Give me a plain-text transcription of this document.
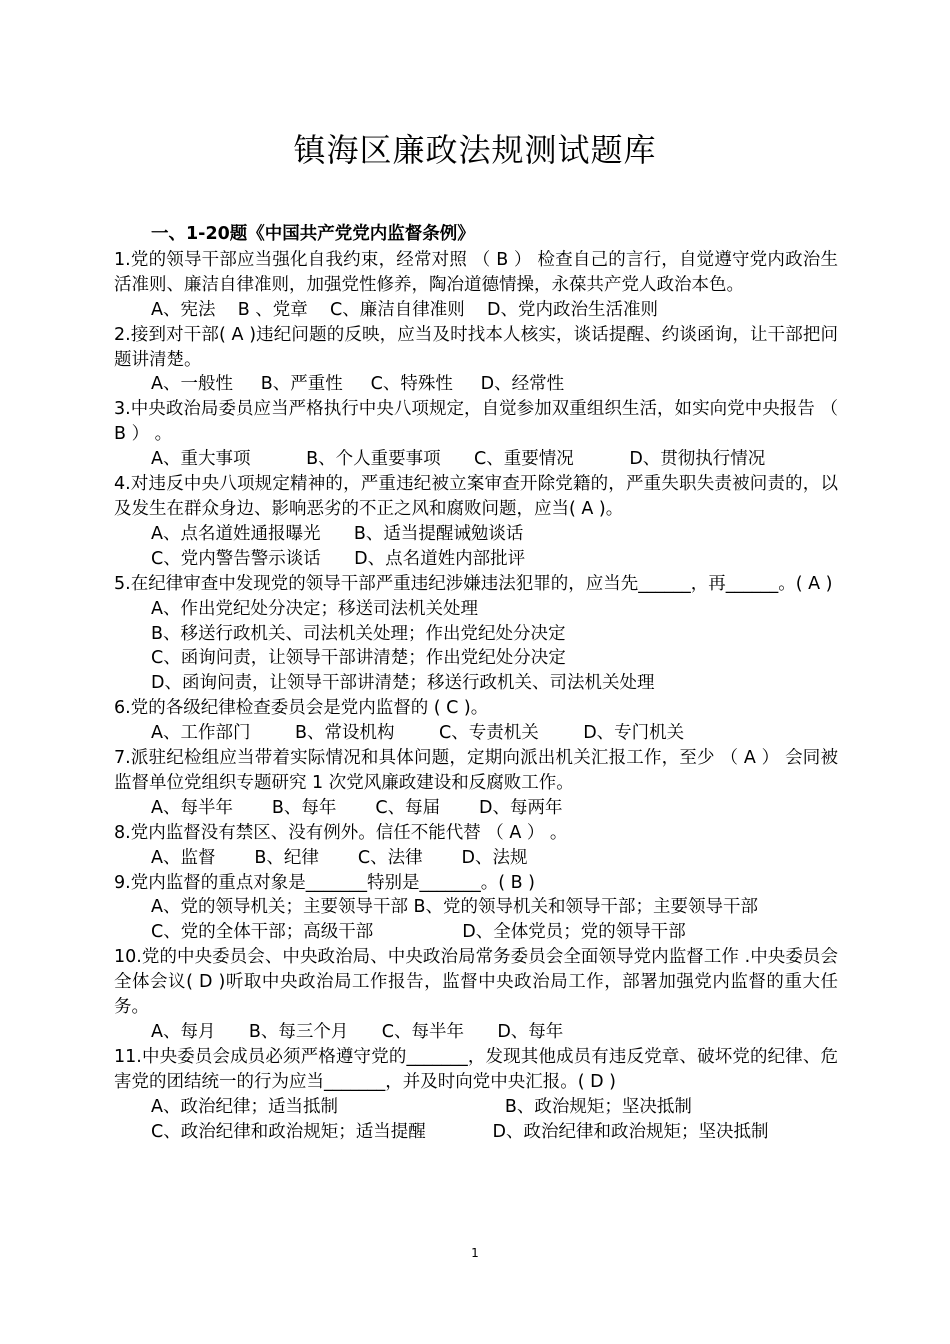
镇海区廉政法规测试题库
一、1-20题《中国共产党党内监督条例》
1.党的领导干部应当强化自我约束，经常对照 （ B ） 检查自己的言行，自觉遵守党内政治生活准则、廉洁自律准则，加强党性修养，陶冶道德情操，永葆共产党人政治本色。
A、宪法    B 、党章    C、廉洁自律准则    D、党内政治生活准则
2.接到对干部( A )违纪问题的反映，应当及时找本人核实，谈话提醒、约谈函询，让干部把问题讲清楚。
A、一般性     B、严重性     C、特殊性     D、经常性
3.中央政治局委员应当严格执行中央八项规定，自觉参加双重组织生活，如实向党中央报告 （ B ） 。
A、重大事项          B、个人重要事项      C、重要情况          D、贯彻执行情况
4.对违反中央八项规定精神的，严重违纪被立案审查开除党籍的，严重失职失责被问责的，以及发生在群众身边、影响恶劣的不正之风和腐败问题，应当( A )。
A、点名道姓通报曝光      B、适当提醒诫勉谈话
C、党内警告警示谈话      D、点名道姓内部批评
5.在纪律审查中发现党的领导干部严重违纪涉嫌违法犯罪的，应当先______，再______。( A )
A、作出党纪处分决定；移送司法机关处理
B、移送行政机关、司法机关处理；作出党纪处分决定
C、函询问责，让领导干部讲清楚；作出党纪处分决定
D、函询问责，让领导干部讲清楚；移送行政机关、司法机关处理
6.党的各级纪律检查委员会是党内监督的 ( C )。
A、工作部门        B、常设机构        C、专责机关        D、专门机关
7.派驻纪检组应当带着实际情况和具体问题，定期向派出机关汇报工作，至少 （ A ） 会同被监督单位党组织专题研究 1 次党风廉政建设和反腐败工作。
A、每半年       B、每年       C、每届       D、每两年
8.党内监督没有禁区、没有例外。信任不能代替 （ A ） 。
A、监督       B、纪律       C、法律       D、法规
9.党内监督的重点对象是_______特别是_______。( B )
A、党的领导机关；主要领导干部 B、党的领导机关和领导干部；主要领导干部
C、党的全体干部；高级干部                D、全体党员；党的领导干部
10.党的中央委员会、中央政治局、中央政治局常务委员会全面领导党内监督工作 .中央委员会全体会议( D )听取中央政治局工作报告，监督中央政治局工作，部署加强党内监督的重大任务。
A、每月      B、每三个月      C、每半年      D、每年
11.中央委员会成员必须严格遵守党的_______，发现其他成员有违反党章、破坏党的纪律、危害党的团结统一的行为应当_______，并及时向党中央汇报。( D )
A、政治纪律；适当抵制                              B、政治规矩；坚决抵制
C、政治纪律和政治规矩；适当提醒            D、政治纪律和政治规矩；坚决抵制
1
